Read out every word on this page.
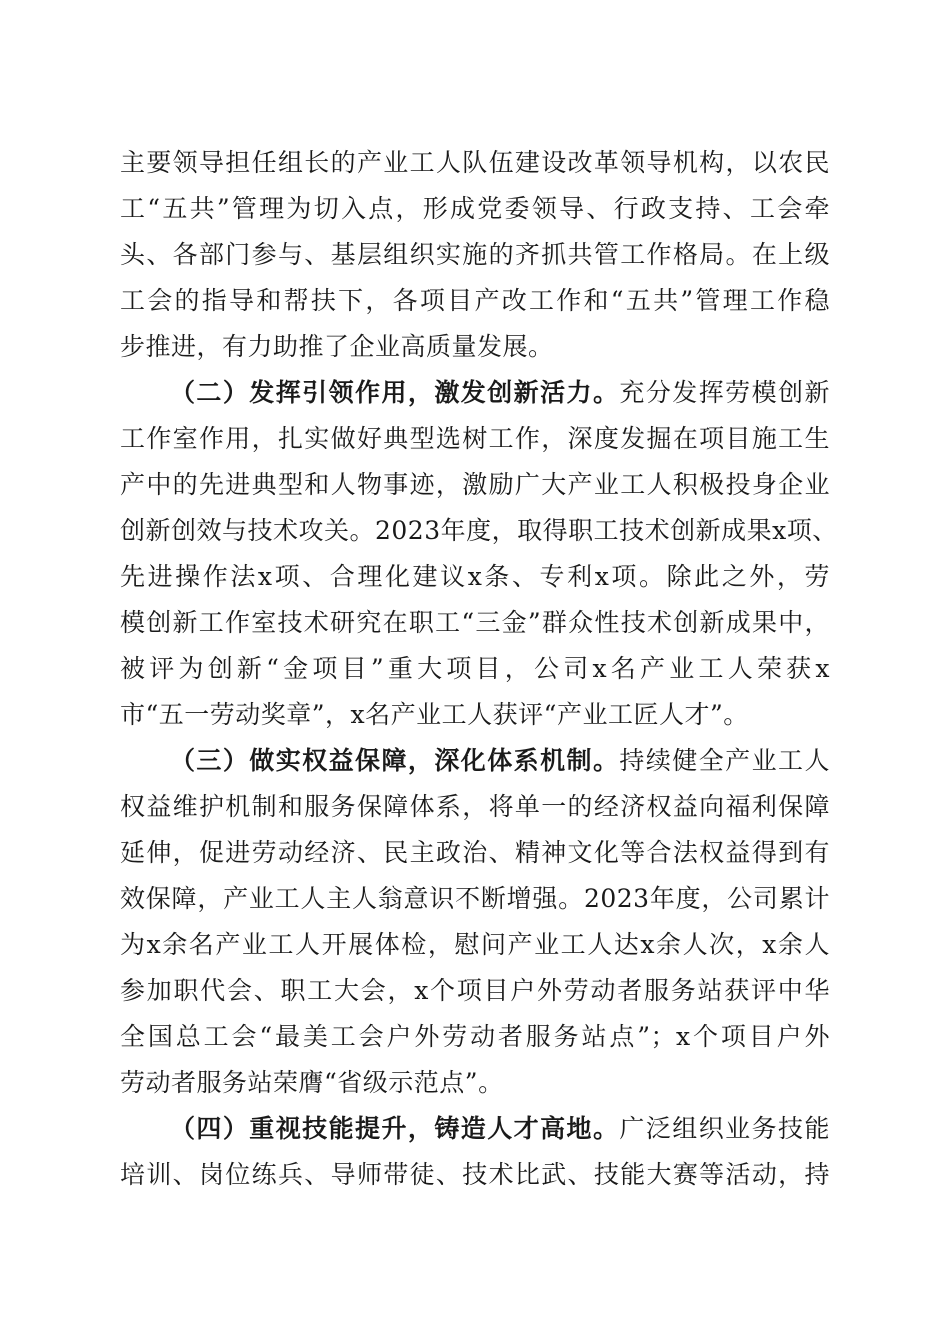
主要领导担任组长的产业工人队伍建设改革领导机构，以农民
工“五共”管理为切入点，形成党委领导、行政支持、工会牵
头、各部门参与、基层组织实施的齐抓共管工作格局。在上级
工会的指导和帮扶下，各项目产改工作和“五共”管理工作稳
步推进，有力助推了企业高质量发展。
（二）发挥引领作用，激发创新活力。充分发挥劳模创新
工作室作用，扎实做好典型选树工作，深度发掘在项目施工生
产中的先进典型和人物事迹，激励广大产业工人积极投身企业
创新创效与技术攻关。2023年度，取得职工技术创新成果x项、
先进操作法x项、合理化建议x条、专利x项。除此之外，劳
模创新工作室技术研究在职工“三金”群众性技术创新成果中，
被评为创新“金项目”重大项目，公司x名产业工人荣获x
市“五一劳动奖章”，x名产业工人获评“产业工匠人才”。
（三）做实权益保障，深化体系机制。持续健全产业工人
权益维护机制和服务保障体系，将单一的经济权益向福利保障
延伸，促进劳动经济、民主政治、精神文化等合法权益得到有
效保障，产业工人主人翁意识不断增强。2023年度，公司累计
为x余名产业工人开展体检，慰问产业工人达x余人次，x余人
参加职代会、职工大会，x个项目户外劳动者服务站获评中华
全国总工会“最美工会户外劳动者服务站点”；x个项目户外
劳动者服务站荣膺“省级示范点”。
（四）重视技能提升，铸造人才高地。广泛组织业务技能
培训、岗位练兵、导师带徒、技术比武、技能大赛等活动，持
